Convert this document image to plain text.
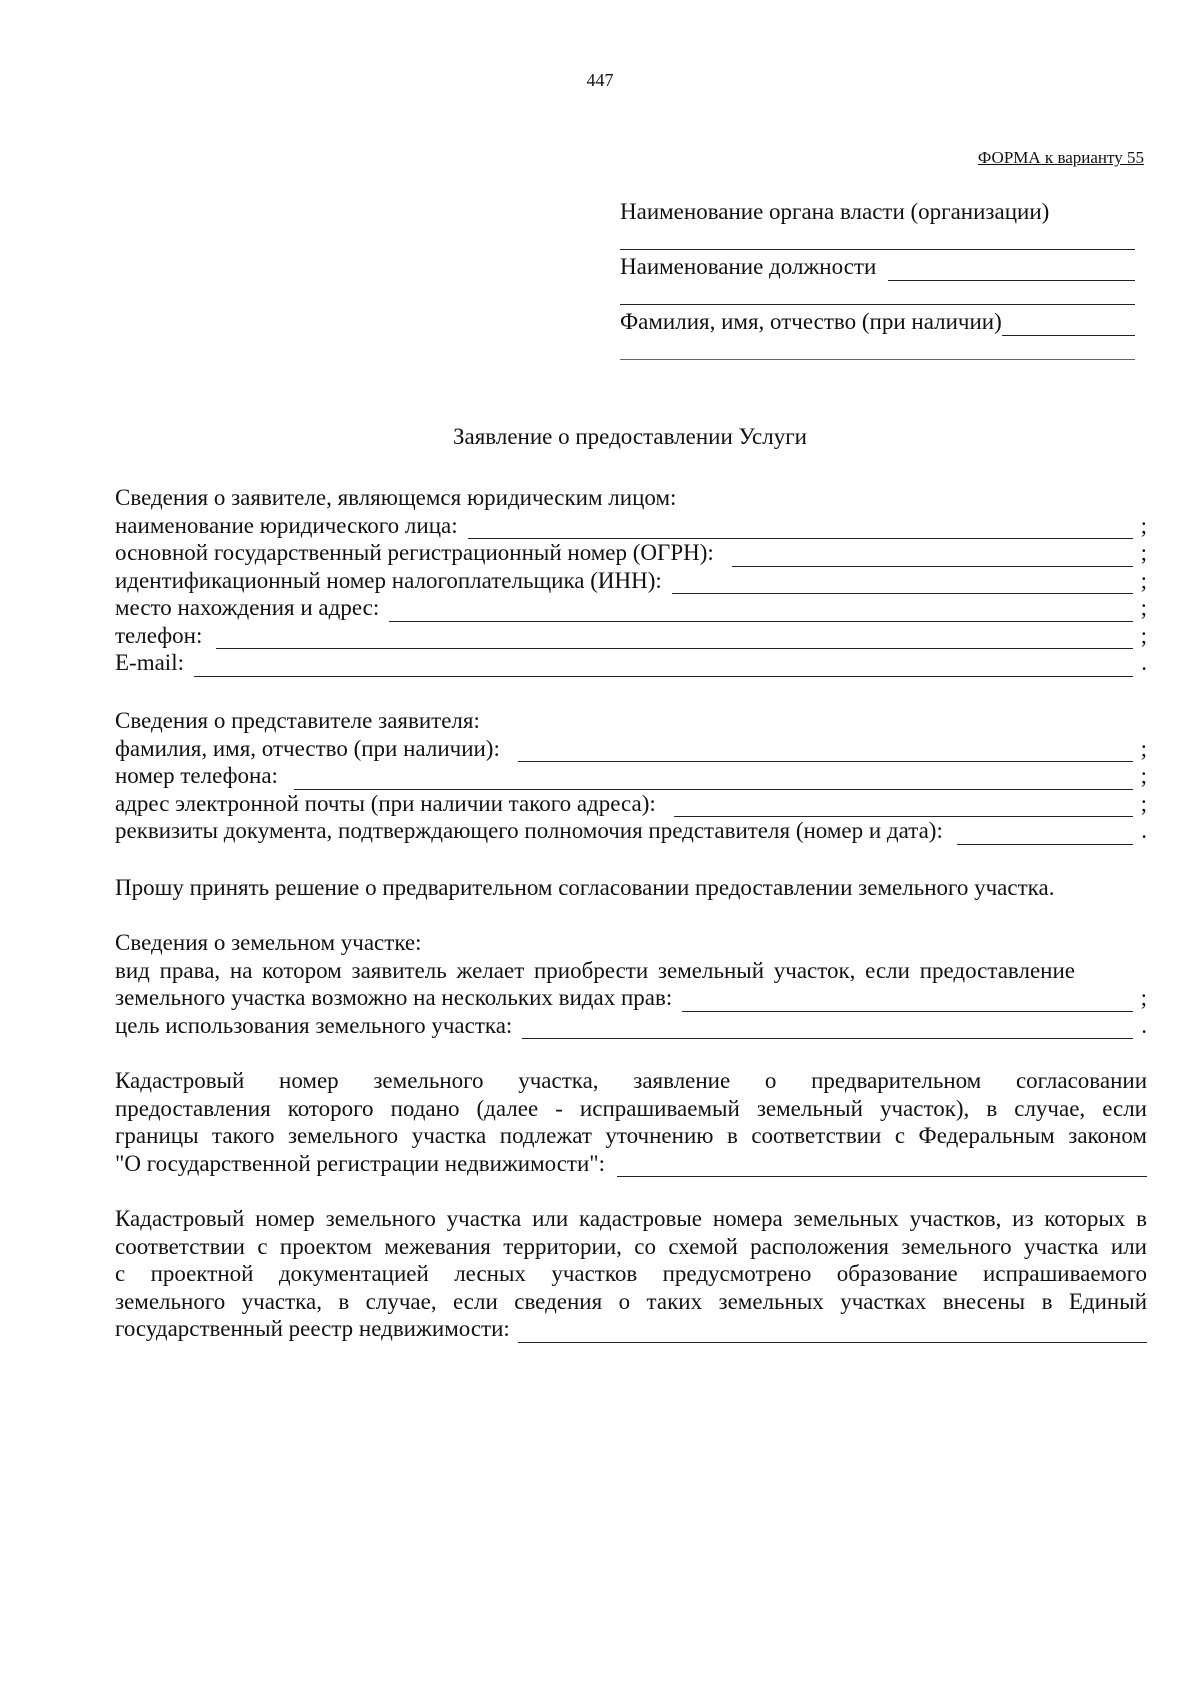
447
ФОРМА к варианту 55
Наименование органа власти (организации)
Наименование должности
Фамилия, имя, отчество (при наличии)
Заявление о предоставлении Услуги
Сведения о заявителе, являющемся юридическим лицом:
наименование юридического лица:	;
основной государственный регистрационный номер (ОГРН):	;
идентификационный номер налогоплательщика (ИНН):	;
место нахождения и адрес:	;
телефон:	;
E-mail:	.
Сведения о представителе заявителя:
фамилия, имя, отчество (при наличии):	;
номер телефона:	;
адрес электронной почты (при наличии такого адреса):	;
реквизиты документа, подтверждающего полномочия представителя (номер и дата):	.
Прошу принять решение о предварительном согласовании предоставлении земельного участка.
Сведения о земельном участке:
вид права, на котором заявитель желает приобрести земельный участок, если предоставление
земельного участка возможно на нескольких видах прав:	;
цель использования земельного участка:	.
Кадастровый номер земельного участка, заявление о предварительном согласовании
предоставления которого подано (далее - испрашиваемый земельный участок), в случае, если
границы такого земельного участка подлежат уточнению в соответствии с Федеральным законом
"О государственной регистрации недвижимости":
Кадастровый номер земельного участка или кадастровые номера земельных участков, из которых в
соответствии с проектом межевания территории, со схемой расположения земельного участка или
с проектной документацией лесных участков предусмотрено образование испрашиваемого
земельного участка, в случае, если сведения о таких земельных участках внесены в Единый
государственный реестр недвижимости:
